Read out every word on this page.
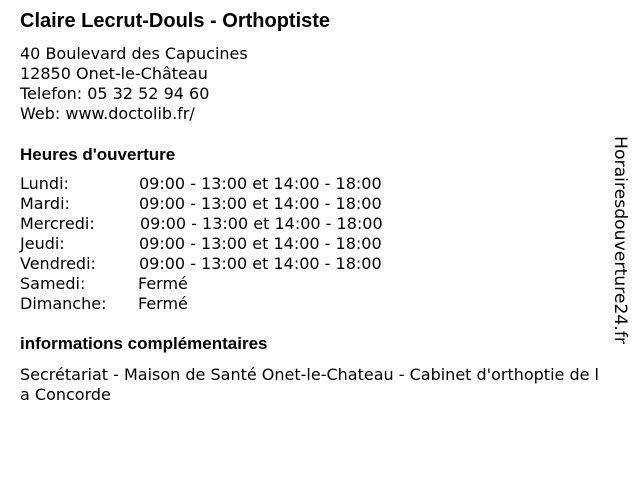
Claire Lecrut-Douls - Orthoptiste
40 Boulevard des Capucines
12850 Onet-le-Château
Telefon: 05 32 52 94 60
Web: www.doctolib.fr/
Heures d'ouverture
Lundi:	09:00 - 13:00 et 14:00 - 18:00
Mardi:	09:00 - 13:00 et 14:00 - 18:00
Mercredi:	09:00 - 13:00 et 14:00 - 18:00
Jeudi:	09:00 - 13:00 et 14:00 - 18:00
Vendredi:	09:00 - 13:00 et 14:00 - 18:00
Samedi:	Fermé
Dimanche: Fermé
informations complémentaires
Secrétariat - Maison de Santé Onet-le-Chateau - Cabinet d'orthoptie de la Concorde
Horairesdouverture24.fr
